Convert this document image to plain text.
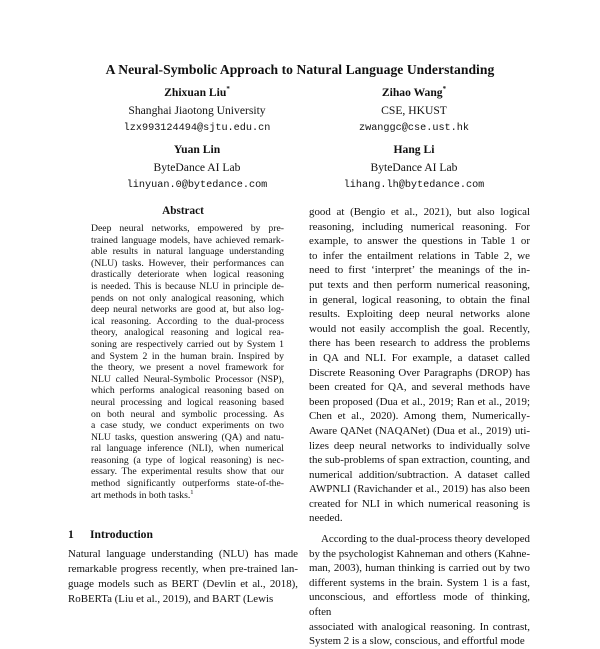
A Neural-Symbolic Approach to Natural Language Understanding
Zhixuan Liu*
Shanghai Jiaotong University
lzx993124494@sjtu.edu.cn
Zihao Wang*
CSE, HKUST
zwanggc@cse.ust.hk
Yuan Lin
ByteDance AI Lab
linyuan.0@bytedance.com
Hang Li
ByteDance AI Lab
lihang.lh@bytedance.com
Abstract
Deep neural networks, empowered by pre-
trained language models, have achieved remark-
able results in natural language understanding
(NLU) tasks. However, their performances can
drastically deteriorate when logical reasoning
is needed. This is because NLU in principle de-
pends on not only analogical reasoning, which
deep neural networks are good at, but also log-
ical reasoning. According to the dual-process
theory, analogical reasoning and logical rea-
soning are respectively carried out by System 1
and System 2 in the human brain. Inspired by
the theory, we present a novel framework for
NLU called Neural-Symbolic Processor (NSP),
which performs analogical reasoning based on
neural processing and logical reasoning based
on both neural and symbolic processing. As
a case study, we conduct experiments on two
NLU tasks, question answering (QA) and natu-
ral language inference (NLI), when numerical
reasoning (a type of logical reasoning) is nec-
essary. The experimental results show that our
method significantly outperforms state-of-the-
art methods in both tasks.$^1$
1 Introduction
Natural language understanding (NLU) has made
remarkable progress recently, when pre-trained lan-
guage models such as BERT (Devlin et al., 2018),
RoBERTa (Liu et al., 2019), and BART (Lewis
good at (Bengio et al., 2021), but also logical
reasoning, including numerical reasoning. For
example, to answer the questions in Table 1 or
to infer the entailment relations in Table 2, we
need to first ‘interpret’ the meanings of the in-
put texts and then perform numerical reasoning,
in general, logical reasoning, to obtain the final
results. Exploiting deep neural networks alone
would not easily accomplish the goal. Recently,
there has been research to address the problems
in QA and NLI. For example, a dataset called
Discrete Reasoning Over Paragraphs (DROP) has
been created for QA, and several methods have
been proposed (Dua et al., 2019; Ran et al., 2019;
Chen et al., 2020). Among them, Numerically-
Aware QANet (NAQANet) (Dua et al., 2019) uti-
lizes deep neural networks to individually solve
the sub-problems of span extraction, counting, and
numerical addition/subtraction. A dataset called
AWPNLI (Ravichander et al., 2019) has also been
created for NLI in which numerical reasoning is
needed.
According to the dual-process theory developed
by the psychologist Kahneman and others (Kahne-
man, 2003), human thinking is carried out by two
different systems in the brain. System 1 is a fast,
unconscious, and effortless mode of thinking, often
associated with analogical reasoning. In contrast,
System 2 is a slow, conscious, and effortful mode
